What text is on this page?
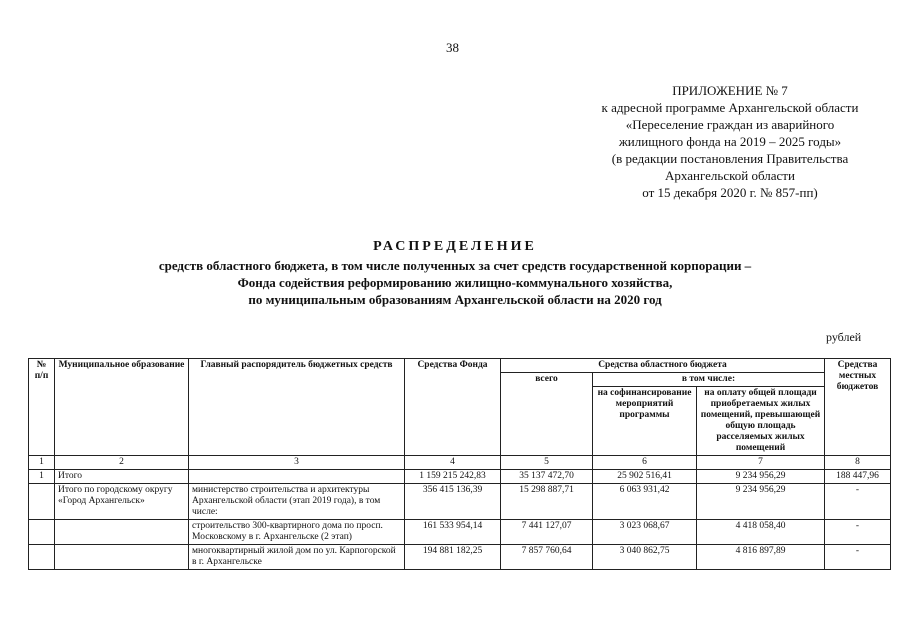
38
ПРИЛОЖЕНИЕ № 7
к адресной программе Архангельской области
«Переселение граждан из аварийного
жилищного фонда на 2019 – 2025 годы»
(в редакции постановления Правительства
Архангельской области
от 15 декабря 2020 г. № 857-пп)
РАСПРЕДЕЛЕНИЕ
средств областного бюджета, в том числе полученных за счет средств государственной корпорации –
Фонда содействия реформированию жилищно-коммунального хозяйства,
по муниципальным образованиям Архангельской области на 2020 год
рублей
№ п/п	Муниципальное образование	Главный распорядитель бюджетных средств	Средства Фонда	Средства областного бюджета			Средства местных бюджетов
				всего	в том числе:		
					на софинансирование мероприятий программы	на оплату общей площади приобретаемых жилых помещений, превышающей общую площадь расселяемых жилых помещений	
1	2	3	4	5	6	7	8
1	Итого		1 159 215 242,83	35 137 472,70	25 902 516,41	9 234 956,29	188 447,96
	Итого по городскому округу «Город Архангельск»	министерство строительства и архитектуры Архангельской области (этап 2019 года), в том числе:	356 415 136,39	15 298 887,71	6 063 931,42	9 234 956,29	-
		строительство 300-квартирного дома по просп. Московскому в г. Архангельске (2 этап)	161 533 954,14	7 441 127,07	3 023 068,67	4 418 058,40	-
		многоквартирный жилой дом по ул. Карпогорской в г. Архангельске	194 881 182,25	7 857 760,64	3 040 862,75	4 816 897,89	-
